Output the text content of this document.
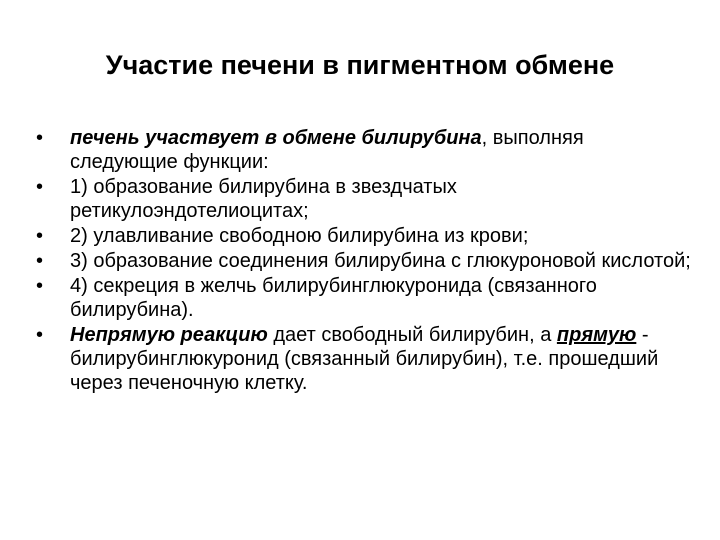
Участие печени в пигментном обмене
•	печень участвует в обмене билирубина, выполняя следующие функции:
•	1) образование билирубина в звездчатых ретикулоэндотелиоцитах;
•	2) улавливание свободною билирубина из крови;
•	3) образование соединения билирубина с глюкуроновой кислотой;
•	4) секреция в желчь билирубинглюкуронида (связанного билирубина).
•	Непрямую реакцию дает свободный билирубин, а прямую - билирубинглюкуронид (связанный билирубин), т.е. прошедший через печеночную клетку.
